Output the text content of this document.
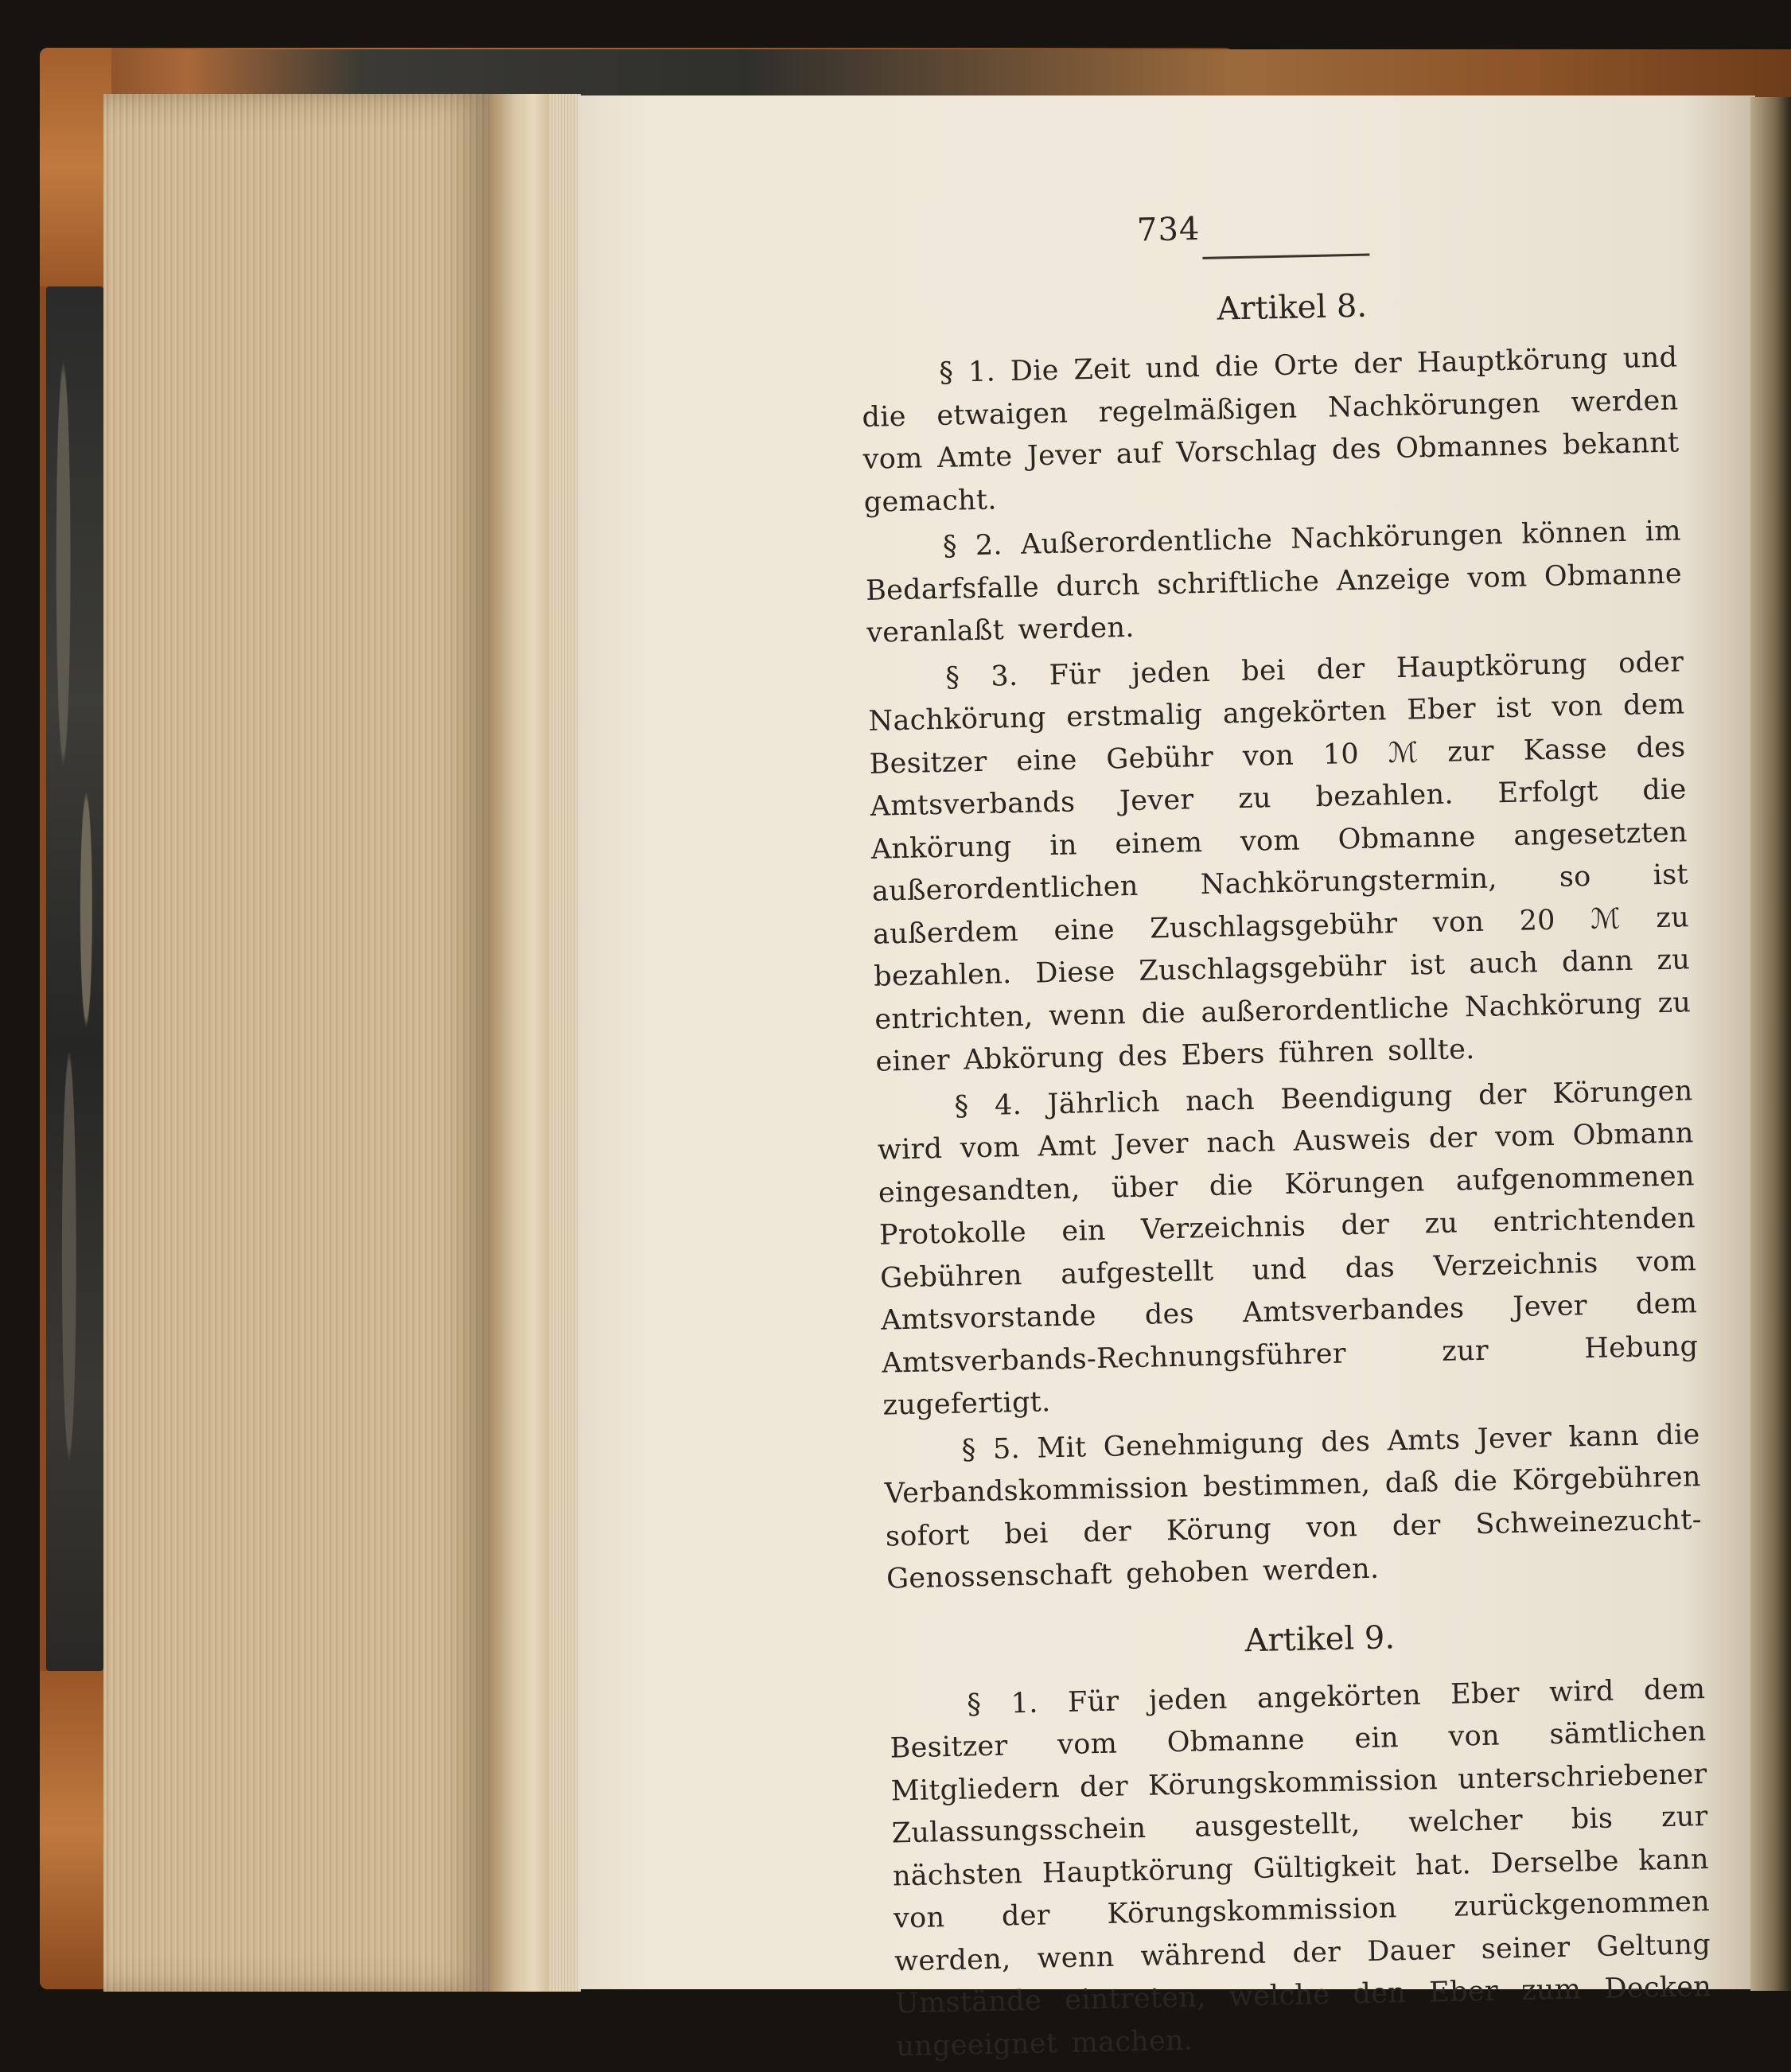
734
Artikel 8.

§ 1. Die Zeit und die Orte der Hauptkörung und die etwaigen regelmäßigen Nachkörungen werden vom Amte Jever auf Vorschlag des Obmannes bekannt gemacht.

§ 2. Außerordentliche Nachkörungen können im Bedarfsfalle durch schriftliche Anzeige vom Obmanne veranlaßt werden.

§ 3. Für jeden bei der Hauptkörung oder Nachkörung erstmalig angekörten Eber ist von dem Besitzer eine Gebühr von 10 ℳ zur Kasse des Amtsverbands Jever zu bezahlen. Erfolgt die Ankörung in einem vom Obmanne angesetzten außerordentlichen Nachkörungstermin, so ist außerdem eine Zuschlagsgebühr von 20 ℳ zu bezahlen. Diese Zuschlagsgebühr ist auch dann zu entrichten, wenn die außerordentliche Nachkörung zu einer Abkörung des Ebers führen sollte.

§ 4. Jährlich nach Beendigung der Körungen wird vom Amt Jever nach Ausweis der vom Obmann eingesandten, über die Körungen aufgenommenen Protokolle ein Verzeichnis der zu entrichtenden Gebühren aufgestellt und das Verzeichnis vom Amtsvorstande des Amtsverbandes Jever dem Amtsverbands-Rechnungsführer zur Hebung zugefertigt.

§ 5. Mit Genehmigung des Amts Jever kann die Verbandskommission bestimmen, daß die Körgebühren sofort bei der Körung von der Schweinezucht-Genossenschaft gehoben werden.

Artikel 9.

§ 1. Für jeden angekörten Eber wird dem Besitzer vom Obmanne ein von sämtlichen Mitgliedern der Körungskommission unterschriebener Zulassungsschein ausgestellt, welcher bis zur nächsten Hauptkörung Gültigkeit hat. Derselbe kann von der Körungskommission zurückgenommen werden, wenn während der Dauer seiner Geltung Umstände eintreten, welche den Eber zum Decken ungeeignet machen.
